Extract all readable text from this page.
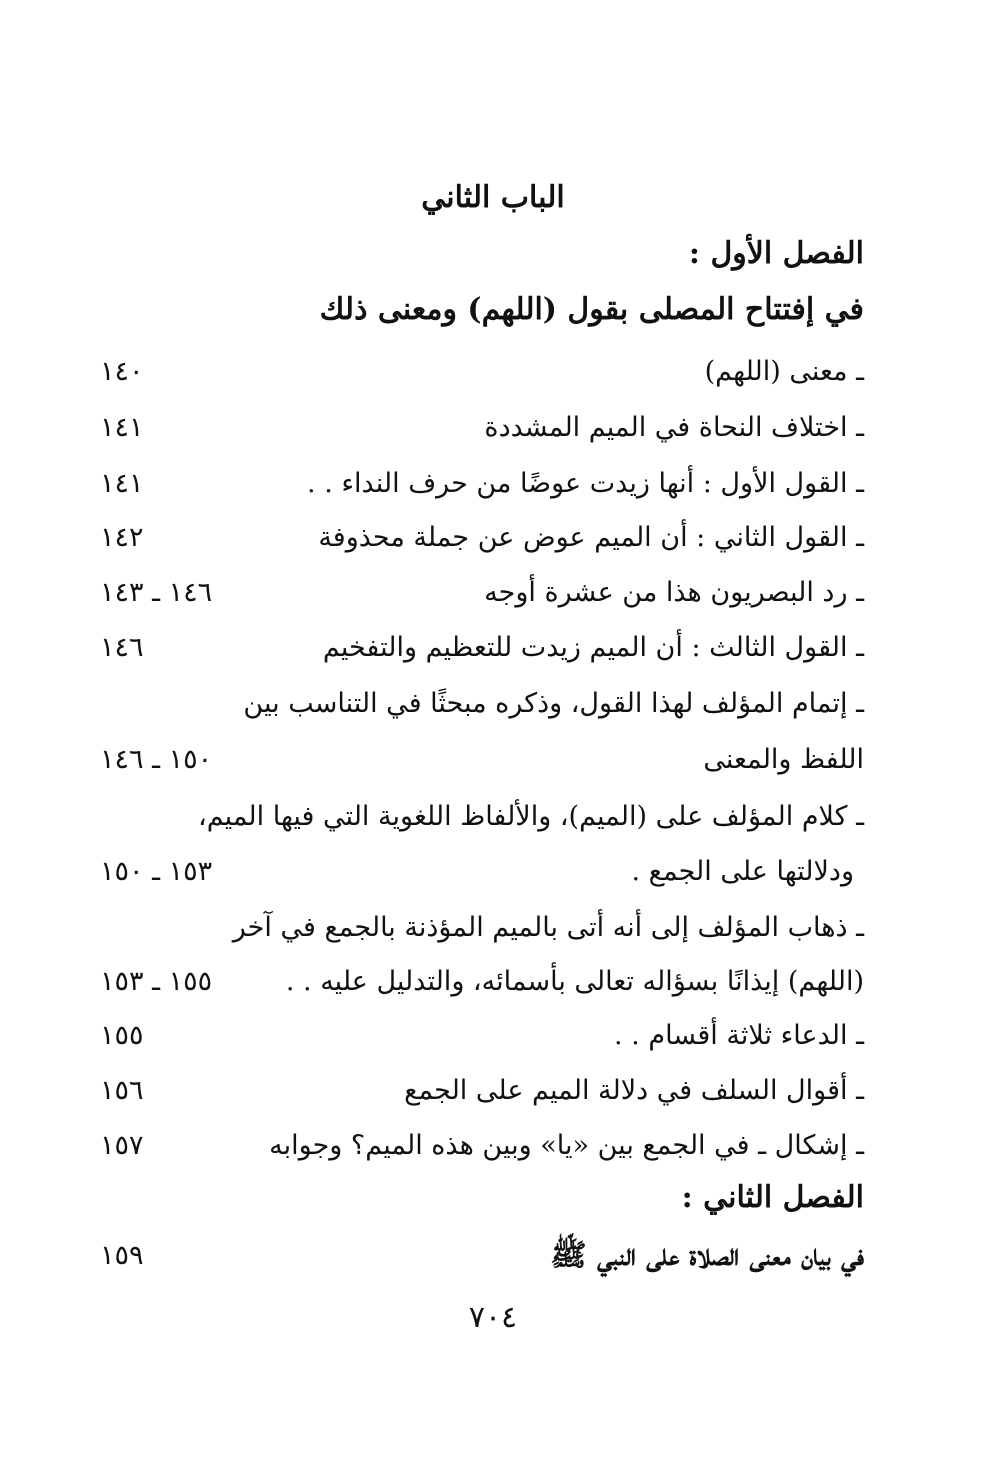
الباب الثاني
الفصل الأول :
في إفتتاح المصلى بقول (اللهم) ومعنى ذلك
ـ معنى (اللهم)
١٤٠
ـ اختلاف النحاة في الميم المشددة
١٤١
ـ القول الأول : أنها زيدت عوضًا من حرف النداء . .
١٤١
ـ القول الثاني : أن الميم عوض عن جملة محذوفة
١٤٢
ـ رد البصريون هذا من عشرة أوجه
١٤٦ ـ ١٤٣
ـ القول الثالث : أن الميم زيدت للتعظيم والتفخيم
١٤٦
ـ إتمام المؤلف لهذا القول، وذكره مبحثًا في التناسب بين
اللفظ والمعنى
١٥٠ ـ ١٤٦
ـ كلام المؤلف على (الميم)، والألفاظ اللغوية التي فيها الميم،
ودلالتها على الجمع .
١٥٣ ـ ١٥٠
ـ ذهاب المؤلف إلى أنه أتى بالميم المؤذنة بالجمع في آخر
(اللهم) إيذانًا بسؤاله تعالى بأسمائه، والتدليل عليه . .
١٥٥ ـ ١٥٣
ـ الدعاء ثلاثة أقسام . .
١٥٥
ـ أقوال السلف في دلالة الميم على الجمع
١٥٦
ـ إشكال ـ في الجمع بين «يا» وبين هذه الميم؟ وجوابه
١٥٧
الفصل الثاني :
في بيان معنى الصلاة على النبي ﷺ
١٥٩
٧٠٤
